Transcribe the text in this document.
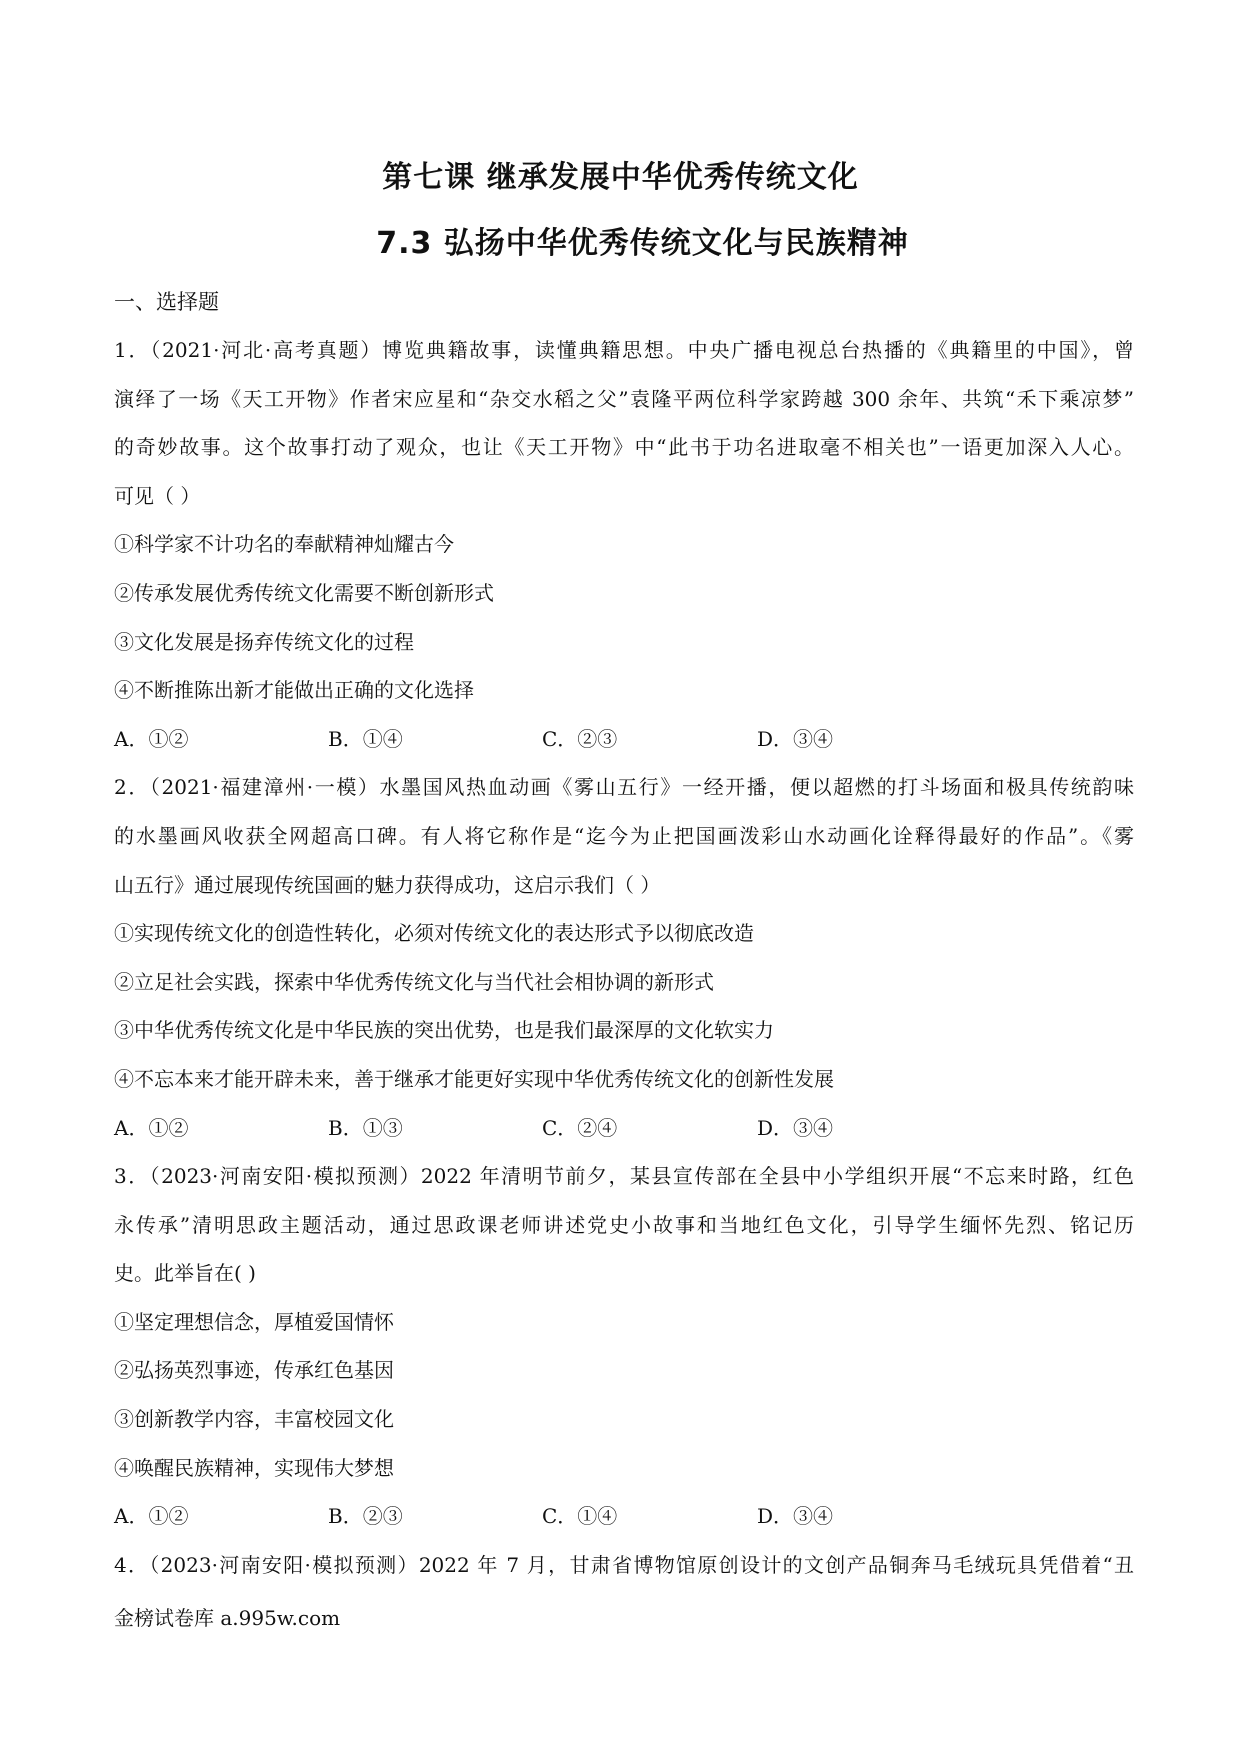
第七课 继承发展中华优秀传统文化
7.3 弘扬中华优秀传统文化与民族精神
一、选择题
1．（2021·河北·高考真题）博览典籍故事，读懂典籍思想。中央广播电视总台热播的《典籍里的中国》，曾
演绎了一场《天工开物》作者宋应星和“杂交水稻之父”袁隆平两位科学家跨越 300 余年、共筑“禾下乘凉梦”
的奇妙故事。这个故事打动了观众，也让《天工开物》中“此书于功名进取毫不相关也”一语更加深入人心。
可见（ ）
①科学家不计功名的奉献精神灿耀古今
②传承发展优秀传统文化需要不断创新形式
③文化发展是扬弃传统文化的过程
④不断推陈出新才能做出正确的文化选择
A．①②	B．①④	C．②③	D．③④
2．（2021·福建漳州·一模）水墨国风热血动画《雾山五行》一经开播，便以超燃的打斗场面和极具传统韵味
的水墨画风收获全网超高口碑。有人将它称作是“迄今为止把国画泼彩山水动画化诠释得最好的作品”。《雾
山五行》通过展现传统国画的魅力获得成功，这启示我们（ ）
①实现传统文化的创造性转化，必须对传统文化的表达形式予以彻底改造
②立足社会实践，探索中华优秀传统文化与当代社会相协调的新形式
③中华优秀传统文化是中华民族的突出优势，也是我们最深厚的文化软实力
④不忘本来才能开辟未来，善于继承才能更好实现中华优秀传统文化的创新性发展
A．①②	B．①③	C．②④	D．③④
3．（2023·河南安阳·模拟预测）2022 年清明节前夕，某县宣传部在全县中小学组织开展“不忘来时路，红色
永传承”清明思政主题活动，通过思政课老师讲述党史小故事和当地红色文化，引导学生缅怀先烈、铭记历
史。此举旨在( )
①坚定理想信念，厚植爱国情怀
②弘扬英烈事迹，传承红色基因
③创新教学内容，丰富校园文化
④唤醒民族精神，实现伟大梦想
A．①②	B．②③	C．①④	D．③④
4．（2023·河南安阳·模拟预测）2022 年 7 月，甘肃省博物馆原创设计的文创产品铜奔马毛绒玩具凭借着“丑
金榜试卷库 a.995w.com
